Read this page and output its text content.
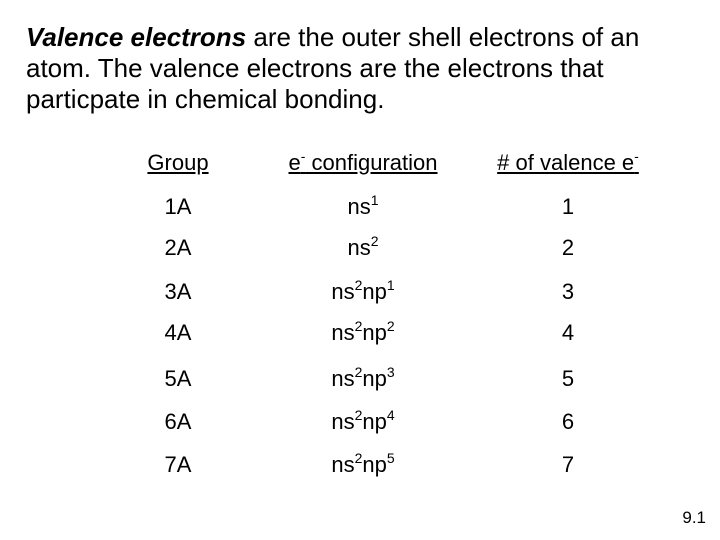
Valence electrons are the outer shell electrons of an atom. The valence electrons are the electrons that particpate in chemical bonding.

Group	e- configuration	# of valence e-
1A	$ns^1$	1
2A	$ns^2$	2
3A	$ns^2np^1$	3
4A	$ns^2np^2$	4
5A	$ns^2np^3$	5
6A	$ns^2np^4$	6
7A	$ns^2np^5$	7
9.1
